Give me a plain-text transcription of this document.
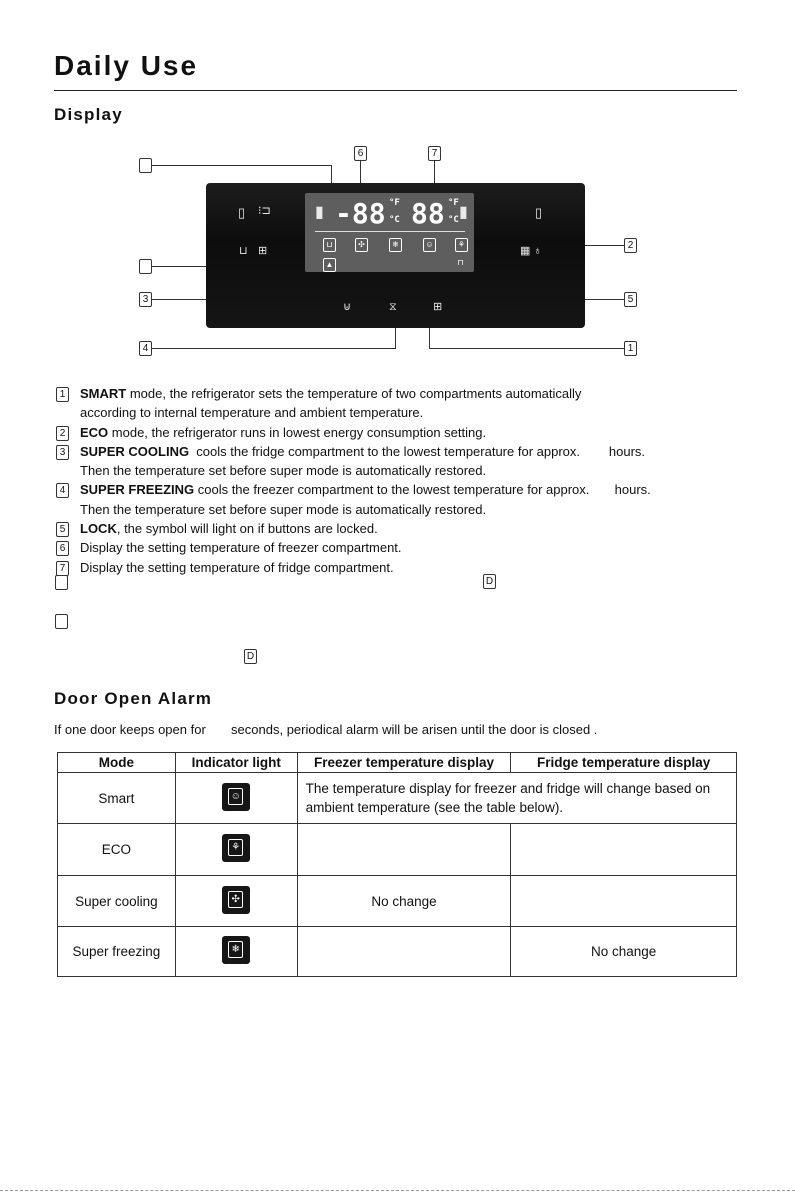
Daily Use
Display
6	7
3
4
2
5
1
▯ ⁝⊐
⊔ ⊞
▯
▦ ♁
⊍	⧖	⊞
▮ -88 °F
°C 88 °F
°C ▮
⊔
▲
✣	❄	☺	⚘
⊓
1 SMART mode, the refrigerator sets the temperature of two compartments automatically
according to internal temperature and ambient temperature.
2 ECO mode, the refrigerator runs in lowest energy consumption setting.
3 SUPER COOLING  cools the fridge compartment to the lowest temperature for approx.        hours.
Then the temperature set before super mode is automatically restored.
4 SUPER FREEZING cools the freezer compartment to the lowest temperature for approx.       hours.
Then the temperature set before super mode is automatically restored.
5 LOCK, the symbol will light on if buttons are locked.
6 Display the setting temperature of freezer compartment.
7 Display the setting temperature of fridge compartment.
D
D
Door Open Alarm
If one door keeps open for       seconds, periodical alarm will be arisen until the door is closed .
Mode	Indicator light	Freezer temperature display	Fridge temperature display
Smart	☺	The temperature display for freezer and fridge will change based on ambient temperature (see the table below).	
ECO	⚘		

Super cooling	✣	No change	
Super freezing	❄		No change
